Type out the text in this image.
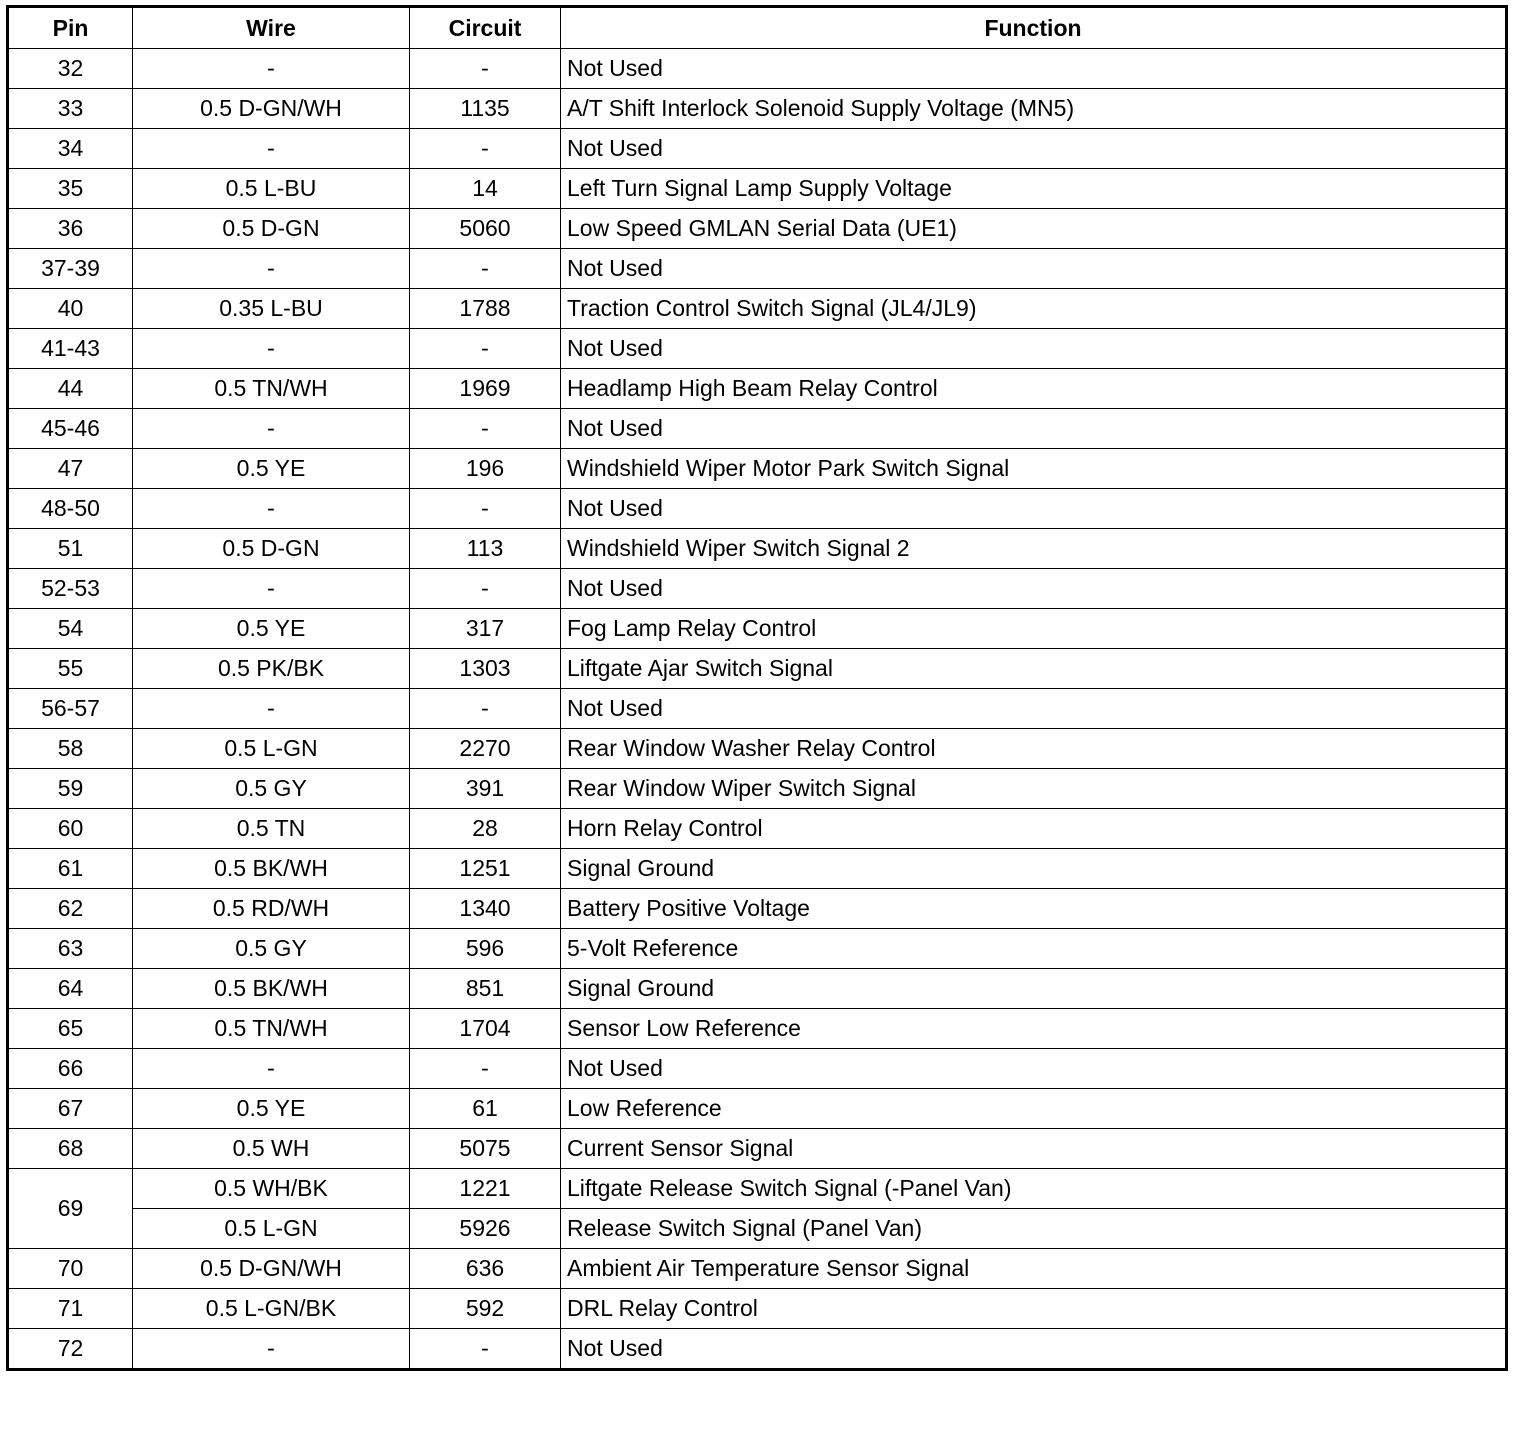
Pin	Wire	Circuit	Function
32	-	-	Not Used
33	0.5 D-GN/WH	1135	A/T Shift Interlock Solenoid Supply Voltage (MN5)
34	-	-	Not Used
35	0.5 L-BU	14	Left Turn Signal Lamp Supply Voltage
36	0.5 D-GN	5060	Low Speed GMLAN Serial Data (UE1)
37-39	-	-	Not Used
40	0.35 L-BU	1788	Traction Control Switch Signal (JL4/JL9)
41-43	-	-	Not Used
44	0.5 TN/WH	1969	Headlamp High Beam Relay Control
45-46	-	-	Not Used
47	0.5 YE	196	Windshield Wiper Motor Park Switch Signal
48-50	-	-	Not Used
51	0.5 D-GN	113	Windshield Wiper Switch Signal 2
52-53	-	-	Not Used
54	0.5 YE	317	Fog Lamp Relay Control
55	0.5 PK/BK	1303	Liftgate Ajar Switch Signal
56-57	-	-	Not Used
58	0.5 L-GN	2270	Rear Window Washer Relay Control
59	0.5 GY	391	Rear Window Wiper Switch Signal
60	0.5 TN	28	Horn Relay Control
61	0.5 BK/WH	1251	Signal Ground
62	0.5 RD/WH	1340	Battery Positive Voltage
63	0.5 GY	596	5-Volt Reference
64	0.5 BK/WH	851	Signal Ground
65	0.5 TN/WH	1704	Sensor Low Reference
66	-	-	Not Used
67	0.5 YE	61	Low Reference
68	0.5 WH	5075	Current Sensor Signal
69	0.5 WH/BK	1221	Liftgate Release Switch Signal (-Panel Van)
	0.5 L-GN	5926	Release Switch Signal (Panel Van)
70	0.5 D-GN/WH	636	Ambient Air Temperature Sensor Signal
71	0.5 L-GN/BK	592	DRL Relay Control
72	-	-	Not Used
